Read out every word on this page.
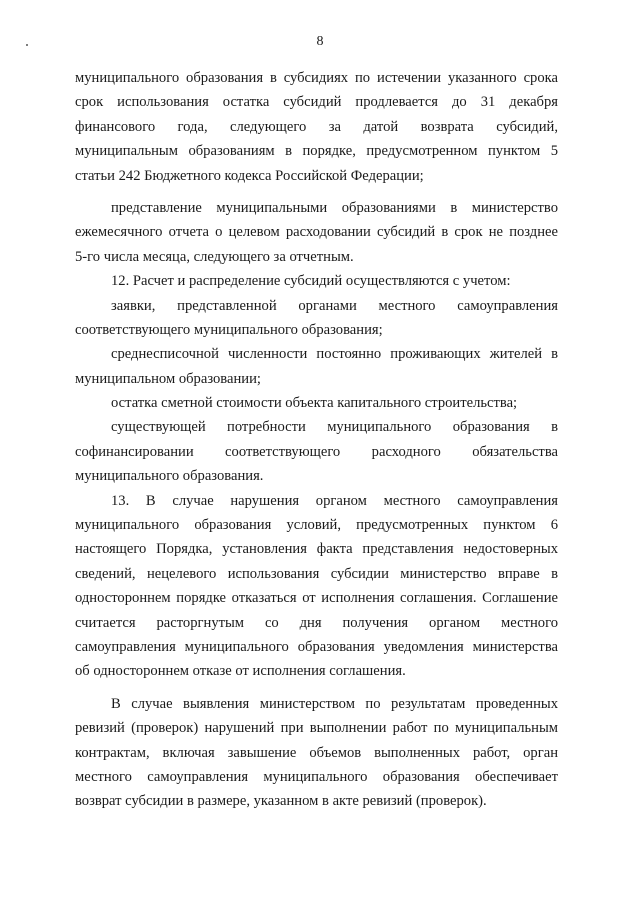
8
муниципального образования в субсидиях по истечении указанного срока
срок использования остатка субсидий продлевается до 31 декабря
финансового года, следующего за датой возврата субсидий,
муниципальным образованиям в порядке, предусмотренном пунктом 5
статьи 242 Бюджетного кодекса Российской Федерации;
представление муниципальными образованиями в министерство
ежемесячного отчета о целевом расходовании субсидий в срок не позднее
5-го числа месяца, следующего за отчетным.
12. Расчет и распределение субсидий осуществляются с учетом:
заявки, представленной органами местного самоуправления
соответствующего муниципального образования;
среднесписочной численности постоянно проживающих жителей в
муниципальном образовании;
остатка сметной стоимости объекта капитального строительства;
существующей потребности муниципального образования в
софинансировании соответствующего расходного обязательства
муниципального образования.
13. В случае нарушения органом местного самоуправления
муниципального образования условий, предусмотренных пунктом 6
настоящего Порядка, установления факта представления недостоверных
сведений, нецелевого использования субсидии министерство вправе в
одностороннем порядке отказаться от исполнения соглашения. Соглашение
считается расторгнутым со дня получения органом местного
самоуправления муниципального образования уведомления министерства
об одностороннем отказе от исполнения соглашения.
В случае выявления министерством по результатам проведенных
ревизий (проверок) нарушений при выполнении работ по муниципальным
контрактам, включая завышение объемов выполненных работ, орган
местного самоуправления муниципального образования обеспечивает
возврат субсидии в размере, указанном в акте ревизий (проверок).
